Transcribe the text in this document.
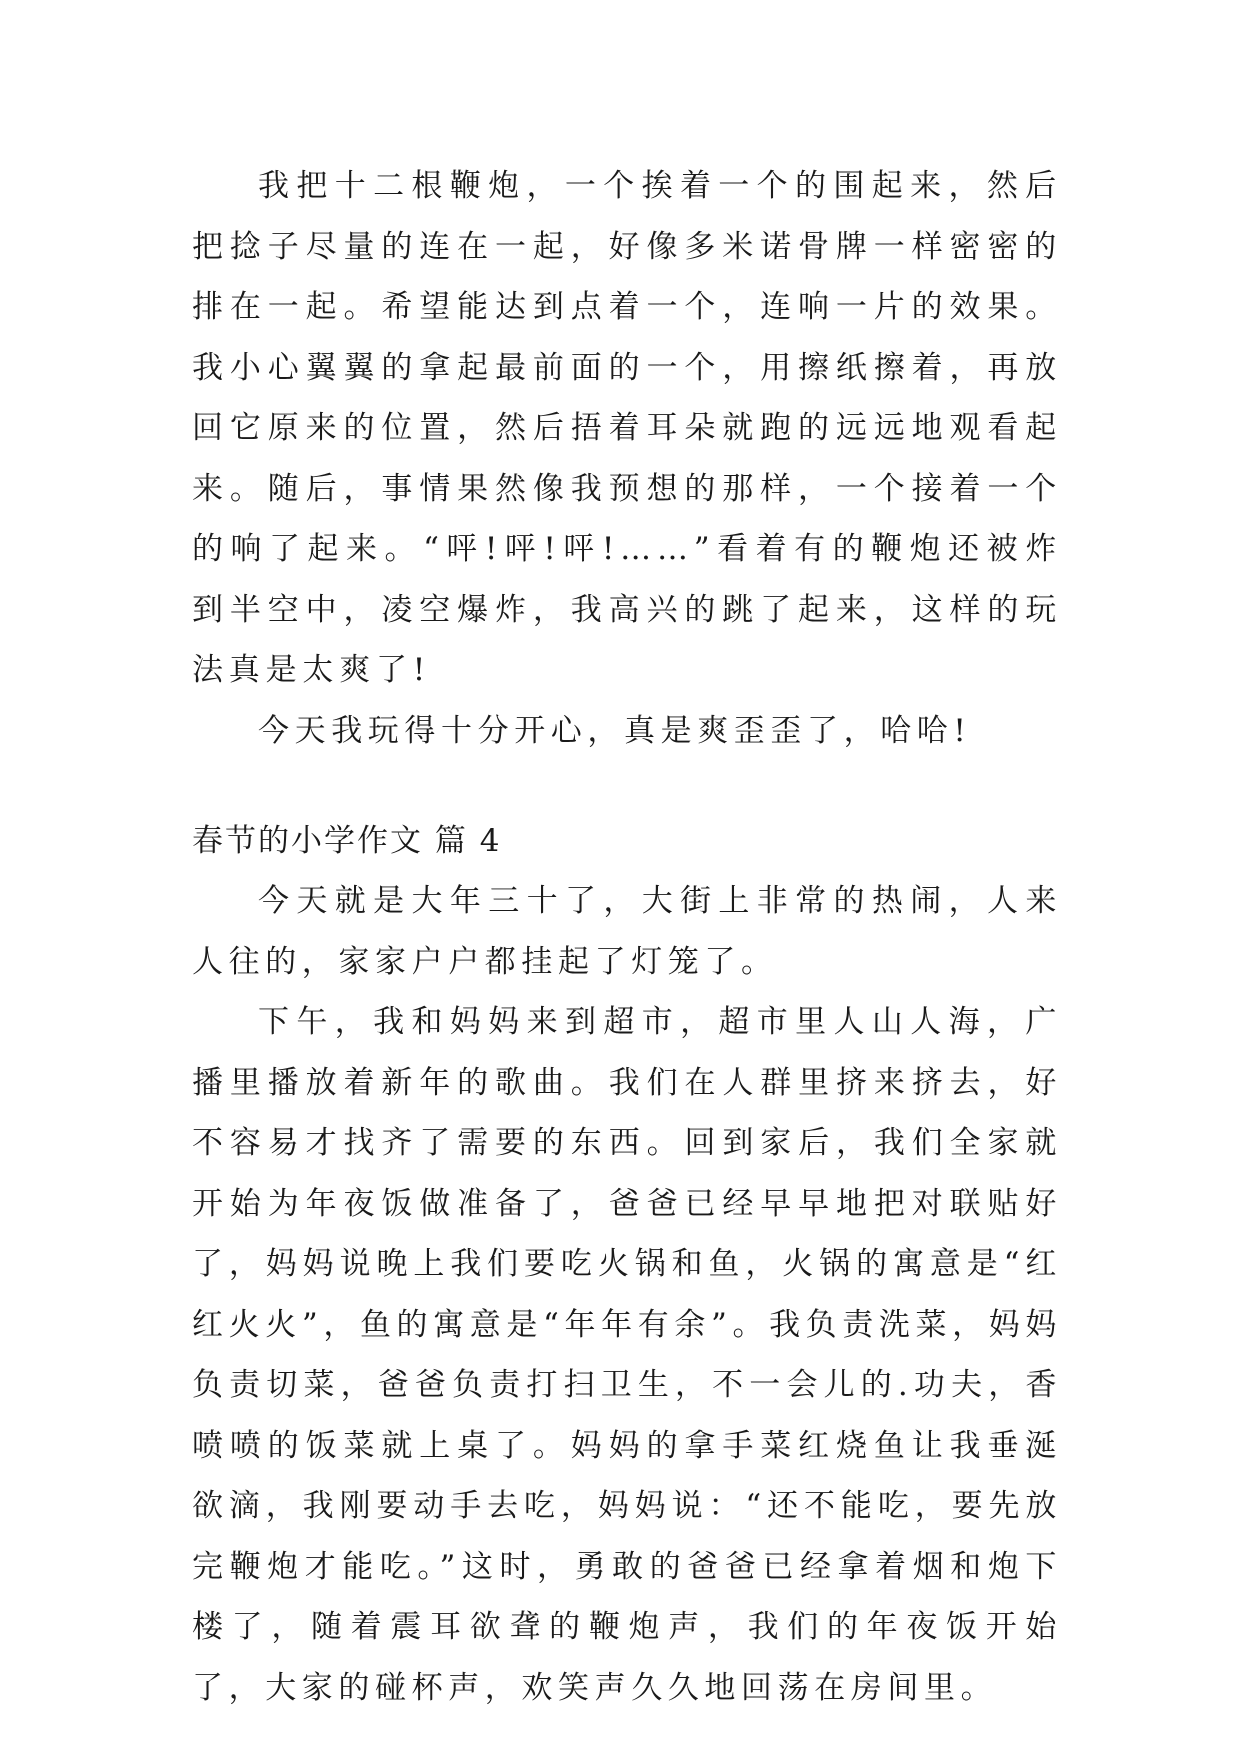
我把十二根鞭炮，一个挨着一个的围起来，然后把捻子尽量的连在一起，好像多米诺骨牌一样密密的排在一起。希望能达到点着一个，连响一片的效果。我小心翼翼的拿起最前面的一个，用擦纸擦着，再放回它原来的位置，然后捂着耳朵就跑的远远地观看起来。随后，事情果然像我预想的那样，一个接着一个的响了起来。“呯!呯!呯!……”看着有的鞭炮还被炸到半空中，凌空爆炸，我高兴的跳了起来，这样的玩法真是太爽了!

今天我玩得十分开心，真是爽歪歪了，哈哈!

春节的小学作文 篇 4

今天就是大年三十了，大街上非常的热闹，人来人往的，家家户户都挂起了灯笼了。

下午，我和妈妈来到超市，超市里人山人海，广播里播放着新年的歌曲。我们在人群里挤来挤去，好不容易才找齐了需要的东西。回到家后，我们全家就开始为年夜饭做准备了，爸爸已经早早地把对联贴好了，妈妈说晚上我们要吃火锅和鱼，火锅的寓意是“红红火火”，鱼的寓意是“年年有余”。我负责洗菜，妈妈负责切菜，爸爸负责打扫卫生，不一会儿的.功夫，香喷喷的饭菜就上桌了。妈妈的拿手菜红烧鱼让我垂涎欲滴，我刚要动手去吃，妈妈说：“还不能吃，要先放完鞭炮才能吃。”这时，勇敢的爸爸已经拿着烟和炮下楼了，随着震耳欲聋的鞭炮声，我们的年夜饭开始了，大家的碰杯声，欢笑声久久地回荡在房间里。
